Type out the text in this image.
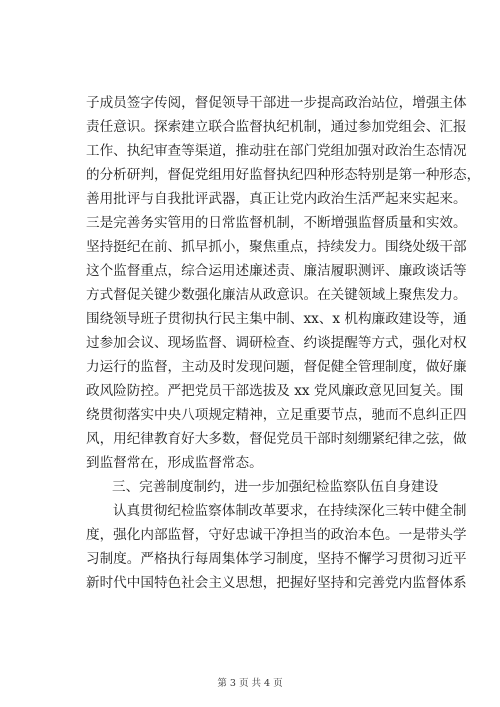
子成员签字传阅，督促领导干部进一步提高政治站位，增强主体
责任意识。探索建立联合监督执纪机制，通过参加党组会、汇报
工作、执纪审查等渠道，推动驻在部门党组加强对政治生态情况
的分析研判，督促党组用好监督执纪四种形态特别是第一种形态，
善用批评与自我批评武器，真正让党内政治生活严起来实起来。
三是完善务实管用的日常监督机制，不断增强监督质量和实效。
坚持挺纪在前、抓早抓小，聚焦重点，持续发力。围绕处级干部
这个监督重点，综合运用述廉述责、廉洁履职测评、廉政谈话等
方式督促关键少数强化廉洁从政意识。在关键领域上聚焦发力。
围绕领导班子贯彻执行民主集中制、xx、x 机构廉政建设等，通
过参加会议、现场监督、调研检查、约谈提醒等方式，强化对权
力运行的监督，主动及时发现问题，督促健全管理制度，做好廉
政风险防控。严把党员干部选拔及 xx 党风廉政意见回复关。围
绕贯彻落实中央八项规定精神，立足重要节点，驰而不息纠正四
风，用纪律教育好大多数，督促党员干部时刻绷紧纪律之弦，做
到监督常在，形成监督常态。
三、完善制度制约，进一步加强纪检监察队伍自身建设
认真贯彻纪检监察体制改革要求，在持续深化三转中健全制
度，强化内部监督，守好忠诚干净担当的政治本色。一是带头学
习制度。严格执行每周集体学习制度，坚持不懈学习贯彻习近平
新时代中国特色社会主义思想，把握好坚持和完善党内监督体系
第 3 页 共 4 页
